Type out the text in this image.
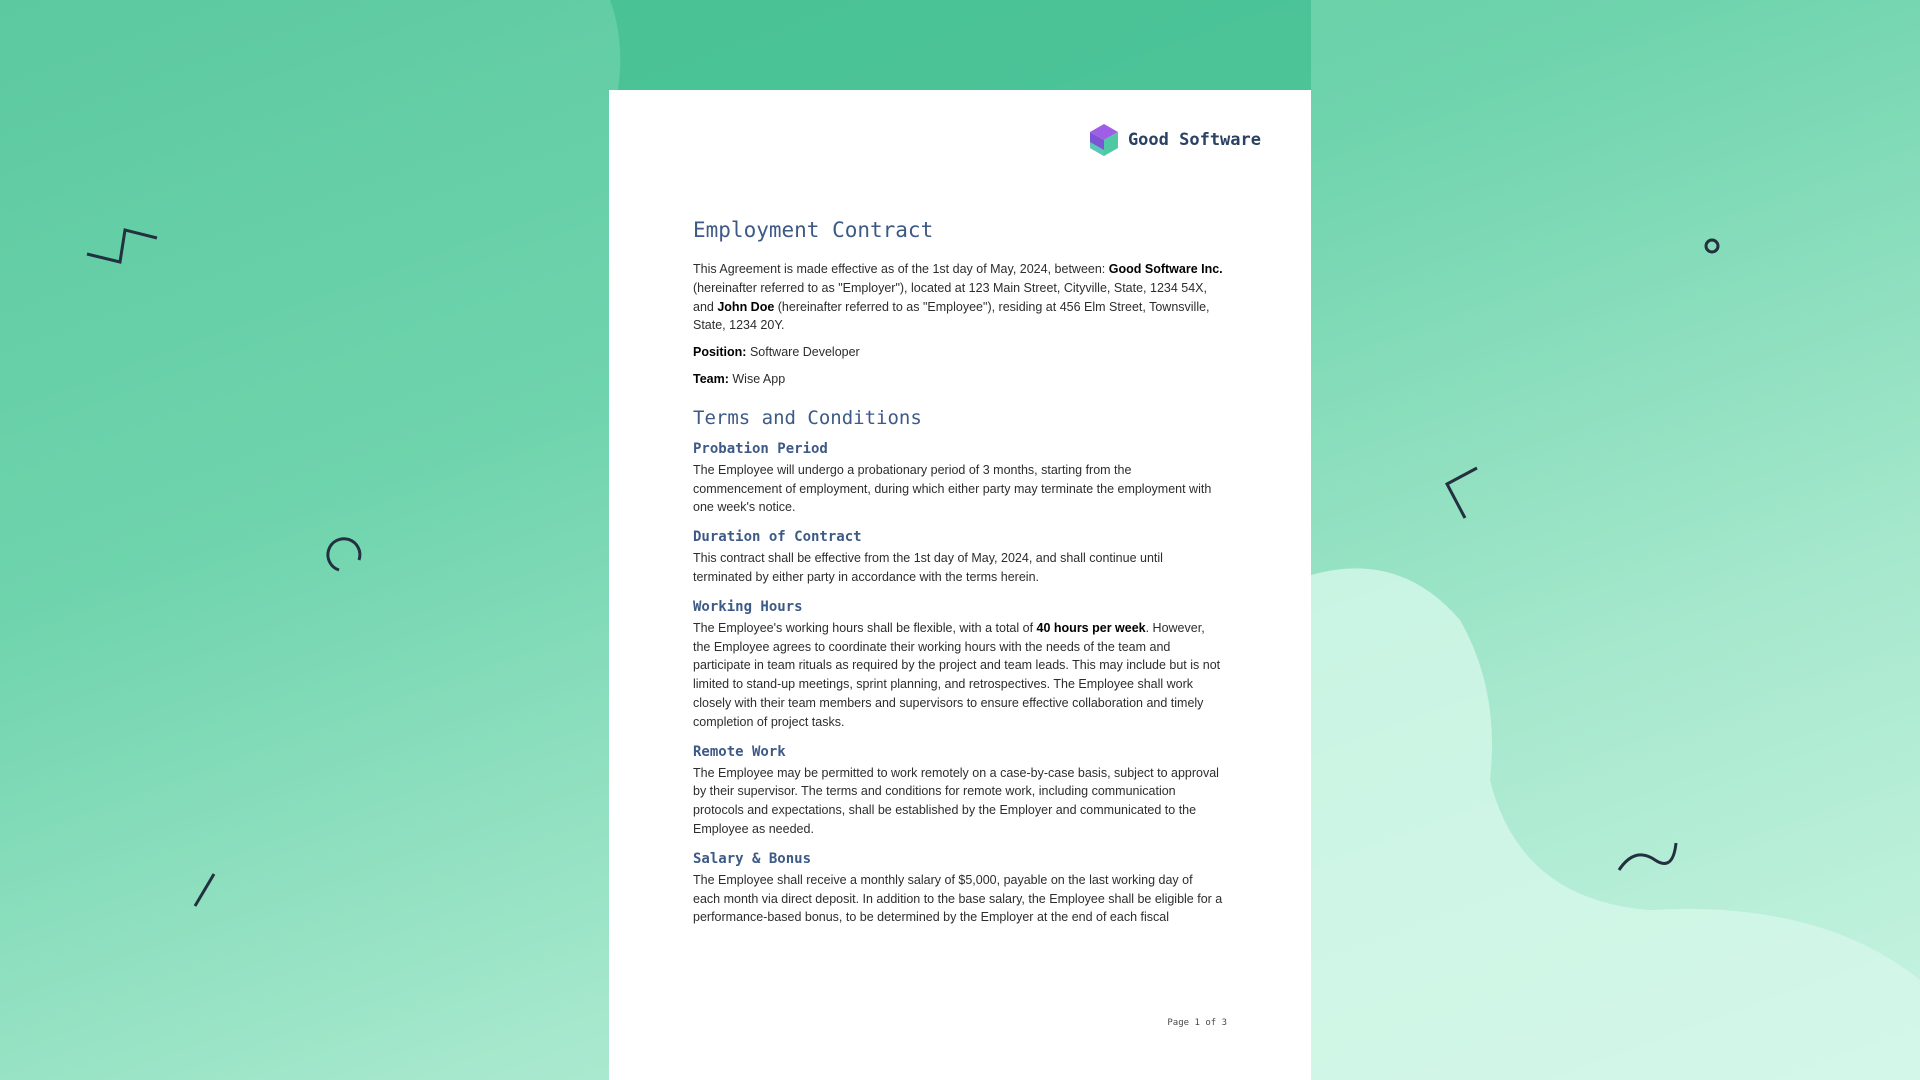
Good Software
Employment Contract

This Agreement is made effective as of the 1st day of May, 2024, between: Good Software Inc. (hereinafter referred to as "Employer"), located at 123 Main Street, Cityville, State, 1234 54X, and John Doe (hereinafter referred to as "Employee"), residing at 456 Elm Street, Townsville, State, 1234 20Y.

Position: Software Developer

Team: Wise App

Terms and Conditions
Probation Period

The Employee will undergo a probationary period of 3 months, starting from the commencement of employment, during which either party may terminate the employment with one week's notice.

Duration of Contract

This contract shall be effective from the 1st day of May, 2024, and shall continue until terminated by either party in accordance with the terms herein.

Working Hours

The Employee's working hours shall be flexible, with a total of 40 hours per week. However, the Employee agrees to coordinate their working hours with the needs of the team and participate in team rituals as required by the project and team leads. This may include but is not limited to stand-up meetings, sprint planning, and retrospectives. The Employee shall work closely with their team members and supervisors to ensure effective collaboration and timely completion of project tasks.

Remote Work

The Employee may be permitted to work remotely on a case-by-case basis, subject to approval by their supervisor. The terms and conditions for remote work, including communication protocols and expectations, shall be established by the Employer and communicated to the Employee as needed.

Salary & Bonus

The Employee shall receive a monthly salary of $5,000, payable on the last working day of each month via direct deposit. In addition to the base salary, the Employee shall be eligible for a performance-based bonus, to be determined by the Employer at the end of each fiscal

Page 1 of 3
